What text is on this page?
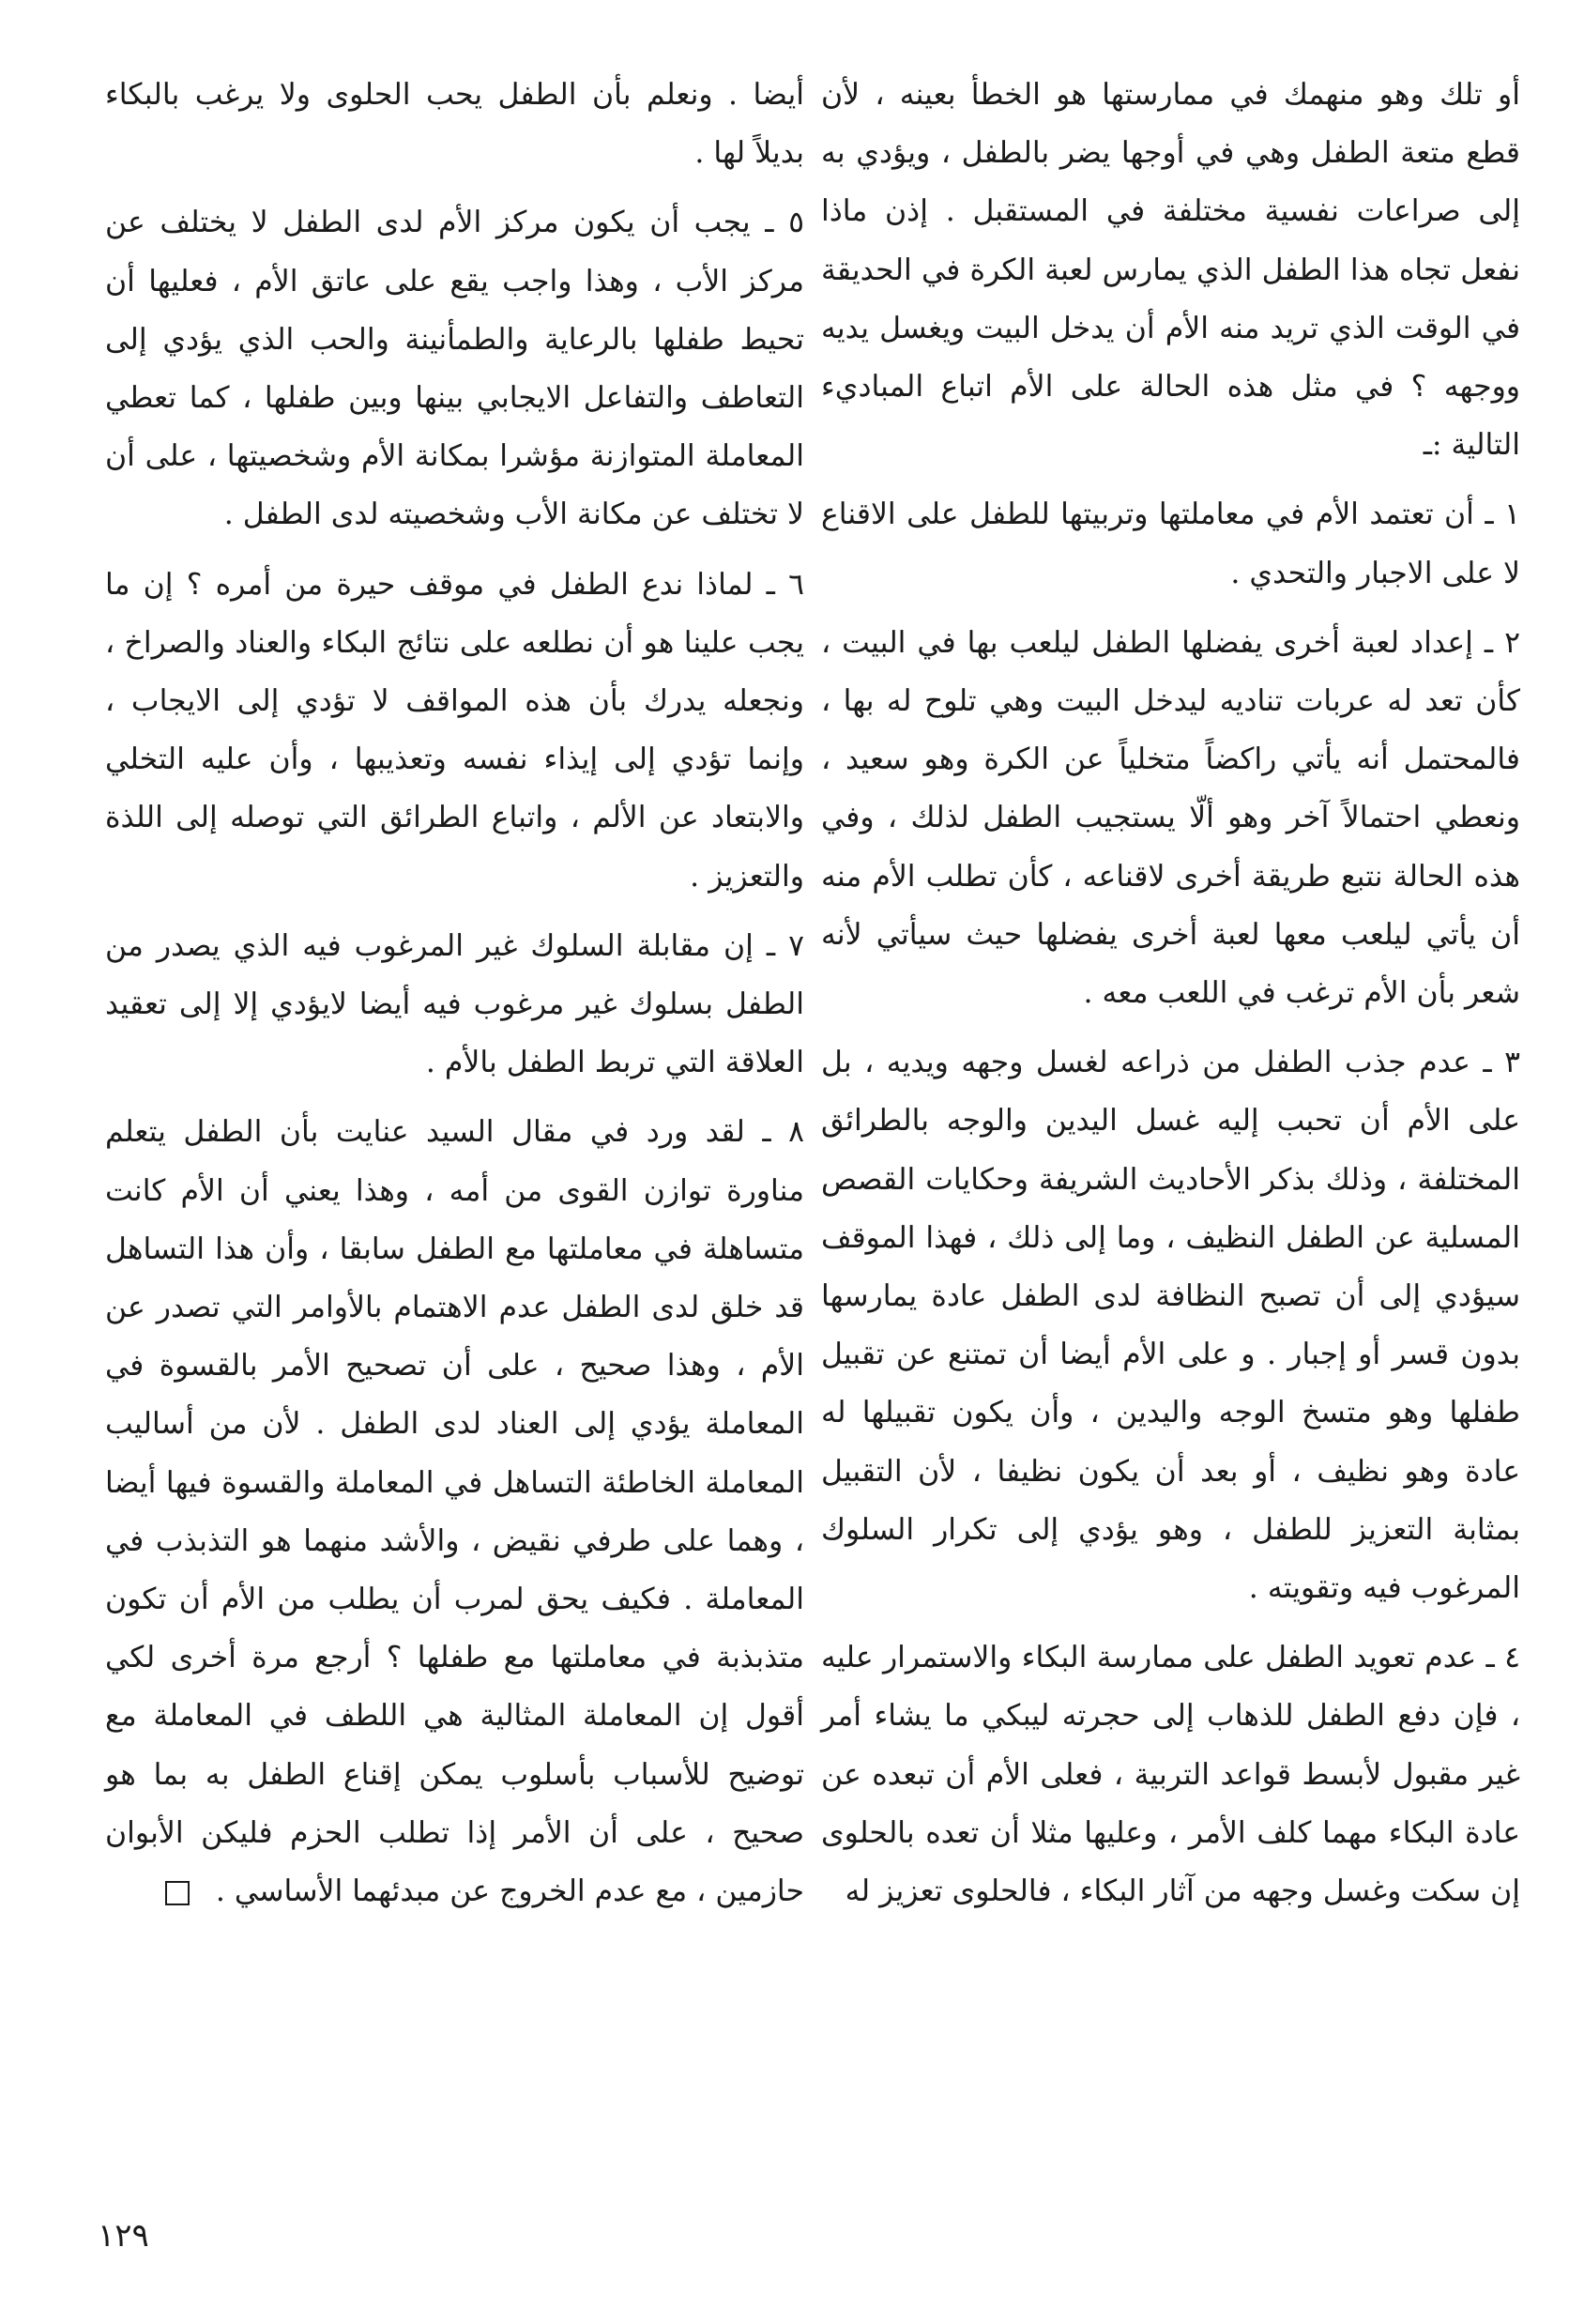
أو تلك وهو منهمك في ممارستها هو الخطأ بعينه ، لأن قطع متعة الطفل وهي في أوجها يضر بالطفل ، ويؤدي به إلى صراعات نفسية مختلفة في المستقبل . إذن ماذا نفعل تجاه هذا الطفل الذي يمارس لعبة الكرة في الحديقة في الوقت الذي تريد منه الأم أن يدخل البيت ويغسل يديه ووجهه ؟ في مثل هذه الحالة على الأم اتباع المباديء التالية :ـ

١ ـ أن تعتمد الأم في معاملتها وتربيتها للطفل على الاقناع لا على الاجبار والتحدي .

٢ ـ إعداد لعبة أخرى يفضلها الطفل ليلعب بها في البيت ، كأن تعد له عربات تناديه ليدخل البيت وهي تلوح له بها ، فالمحتمل أنه يأتي راكضاً متخلياً عن الكرة وهو سعيد ، ونعطي احتمالاً آخر وهو ألّا يستجيب الطفل لذلك ، وفي هذه الحالة نتبع طريقة أخرى لاقناعه ، كأن تطلب الأم منه أن يأتي ليلعب معها لعبة أخرى يفضلها حيث سيأتي لأنه شعر بأن الأم ترغب في اللعب معه .

٣ ـ عدم جذب الطفل من ذراعه لغسل وجهه ويديه ، بل على الأم أن تحبب إليه غسل اليدين والوجه بالطرائق المختلفة ، وذلك بذكر الأحاديث الشريفة وحكايات القصص المسلية عن الطفل النظيف ، وما إلى ذلك ، فهذا الموقف سيؤدي إلى أن تصبح النظافة لدى الطفل عادة يمارسها بدون قسر أو إجبار . و على الأم أيضا أن تمتنع عن تقبيل طفلها وهو متسخ الوجه واليدين ، وأن يكون تقبيلها له عادة وهو نظيف ، أو بعد أن يكون نظيفا ، لأن التقبيل بمثابة التعزيز للطفل ، وهو يؤدي إلى تكرار السلوك المرغوب فيه وتقويته .

٤ ـ عدم تعويد الطفل على ممارسة البكاء والاستمرار عليه ، فإن دفع الطفل للذهاب إلى حجرته ليبكي ما يشاء أمر غير مقبول لأبسط قواعد التربية ، فعلى الأم أن تبعده عن عادة البكاء مهما كلف الأمر ، وعليها مثلا أن تعده بالحلوى إن سكت وغسل وجهه من آثار البكاء ، فالحلوى تعزيز له

أيضا . ونعلم بأن الطفل يحب الحلوى ولا يرغب بالبكاء بديلاً لها .

٥ ـ يجب أن يكون مركز الأم لدى الطفل لا يختلف عن مركز الأب ، وهذا واجب يقع على عاتق الأم ، فعليها أن تحيط طفلها بالرعاية والطمأنينة والحب الذي يؤدي إلى التعاطف والتفاعل الايجابي بينها وبين طفلها ، كما تعطي المعاملة المتوازنة مؤشرا بمكانة الأم وشخصيتها ، على أن لا تختلف عن مكانة الأب وشخصيته لدى الطفل .

٦ ـ لماذا ندع الطفل في موقف حيرة من أمره ؟ إن ما يجب علينا هو أن نطلعه على نتائج البكاء والعناد والصراخ ، ونجعله يدرك بأن هذه المواقف لا تؤدي إلى الايجاب ، وإنما تؤدي إلى إيذاء نفسه وتعذيبها ، وأن عليه التخلي والابتعاد عن الألم ، واتباع الطرائق التي توصله إلى اللذة والتعزيز .

٧ ـ إن مقابلة السلوك غير المرغوب فيه الذي يصدر من الطفل بسلوك غير مرغوب فيه أيضا لايؤدي إلا إلى تعقيد العلاقة التي تربط الطفل بالأم .

٨ ـ لقد ورد في مقال السيد عنايت بأن الطفل يتعلم مناورة توازن القوى من أمه ، وهذا يعني أن الأم كانت متساهلة في معاملتها مع الطفل سابقا ، وأن هذا التساهل قد خلق لدى الطفل عدم الاهتمام بالأوامر التي تصدر عن الأم ، وهذا صحيح ، على أن تصحيح الأمر بالقسوة في المعاملة يؤدي إلى العناد لدى الطفل . لأن من أساليب المعاملة الخاطئة التساهل في المعاملة والقسوة فيها أيضا ، وهما على طرفي نقيض ، والأشد منهما هو التذبذب في المعاملة . فكيف يحق لمرب أن يطلب من الأم أن تكون متذبذبة في معاملتها مع طفلها ؟ أرجع مرة أخرى لكي أقول إن المعاملة المثالية هي اللطف في المعاملة مع توضيح للأسباب بأسلوب يمكن إقناع الطفل به بما هو صحيح ، على أن الأمر إذا تطلب الحزم فليكن الأبوان حازمين ، مع عدم الخروج عن مبدئهما الأساسي .

١٢٩
